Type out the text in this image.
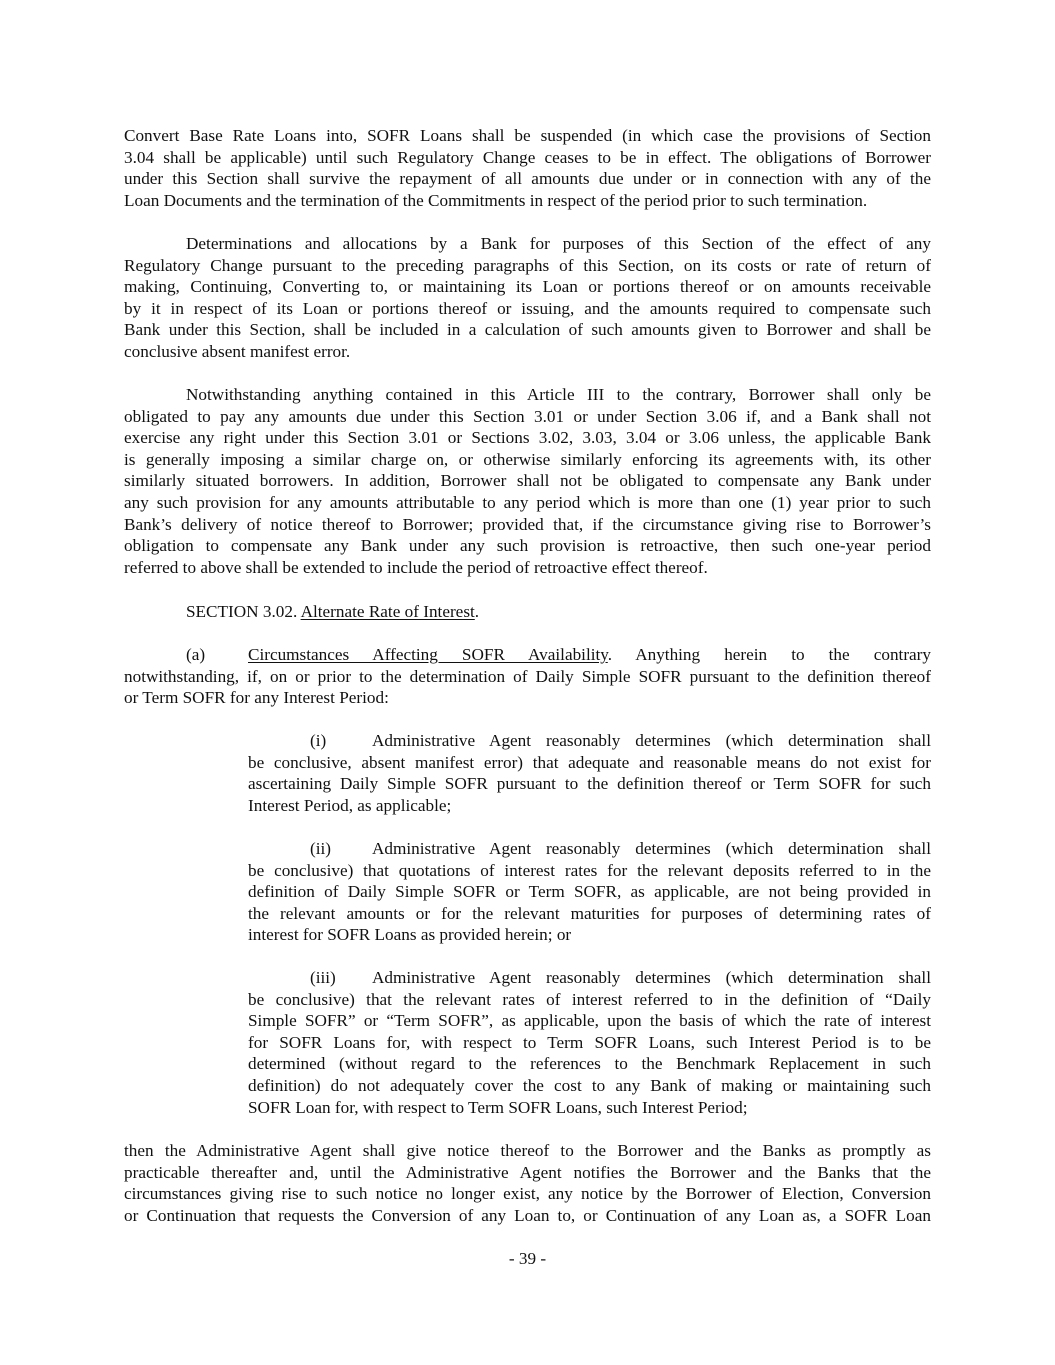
Convert Base Rate Loans into, SOFR Loans shall be suspended (in which case the provisions of Section
3.04 shall be applicable) until such Regulatory Change ceases to be in effect. The obligations of Borrower
under this Section shall survive the repayment of all amounts due under or in connection with any of the
Loan Documents and the termination of the Commitments in respect of the period prior to such termination.
Determinations and allocations by a Bank for purposes of this Section of the effect of any
Regulatory Change pursuant to the preceding paragraphs of this Section, on its costs or rate of return of
making, Continuing, Converting to, or maintaining its Loan or portions thereof or on amounts receivable
by it in respect of its Loan or portions thereof or issuing, and the amounts required to compensate such
Bank under this Section, shall be included in a calculation of such amounts given to Borrower and shall be
conclusive absent manifest error.
Notwithstanding anything contained in this Article III to the contrary, Borrower shall only be
obligated to pay any amounts due under this Section 3.01 or under Section 3.06 if, and a Bank shall not
exercise any right under this Section 3.01 or Sections 3.02, 3.03, 3.04 or 3.06 unless, the applicable Bank
is generally imposing a similar charge on, or otherwise similarly enforcing its agreements with, its other
similarly situated borrowers. In addition, Borrower shall not be obligated to compensate any Bank under
any such provision for any amounts attributable to any period which is more than one (1) year prior to such
Bank’s delivery of notice thereof to Borrower; provided that, if the circumstance giving rise to Borrower’s
obligation to compensate any Bank under any such provision is retroactive, then such one-year period
referred to above shall be extended to include the period of retroactive effect thereof.
SECTION 3.02. Alternate Rate of Interest.
(a)	Circumstances Affecting SOFR Availability. Anything herein to the contrary
notwithstanding, if, on or prior to the determination of Daily Simple SOFR pursuant to the definition thereof
or Term SOFR for any Interest Period:
(i)	Administrative Agent reasonably determines (which determination shall
be conclusive, absent manifest error) that adequate and reasonable means do not exist for
ascertaining Daily Simple SOFR pursuant to the definition thereof or Term SOFR for such
Interest Period, as applicable;
(ii)	Administrative Agent reasonably determines (which determination shall
be conclusive) that quotations of interest rates for the relevant deposits referred to in the
definition of Daily Simple SOFR or Term SOFR, as applicable, are not being provided in
the relevant amounts or for the relevant maturities for purposes of determining rates of
interest for SOFR Loans as provided herein; or
(iii)	Administrative Agent reasonably determines (which determination shall
be conclusive) that the relevant rates of interest referred to in the definition of “Daily
Simple SOFR” or “Term SOFR”, as applicable, upon the basis of which the rate of interest
for SOFR Loans for, with respect to Term SOFR Loans, such Interest Period is to be
determined (without regard to the references to the Benchmark Replacement in such
definition) do not adequately cover the cost to any Bank of making or maintaining such
SOFR Loan for, with respect to Term SOFR Loans, such Interest Period;
then the Administrative Agent shall give notice thereof to the Borrower and the Banks as promptly as
practicable thereafter and, until the Administrative Agent notifies the Borrower and the Banks that the
circumstances giving rise to such notice no longer exist, any notice by the Borrower of Election, Conversion
or Continuation that requests the Conversion of any Loan to, or Continuation of any Loan as, a SOFR Loan
- 39 -
